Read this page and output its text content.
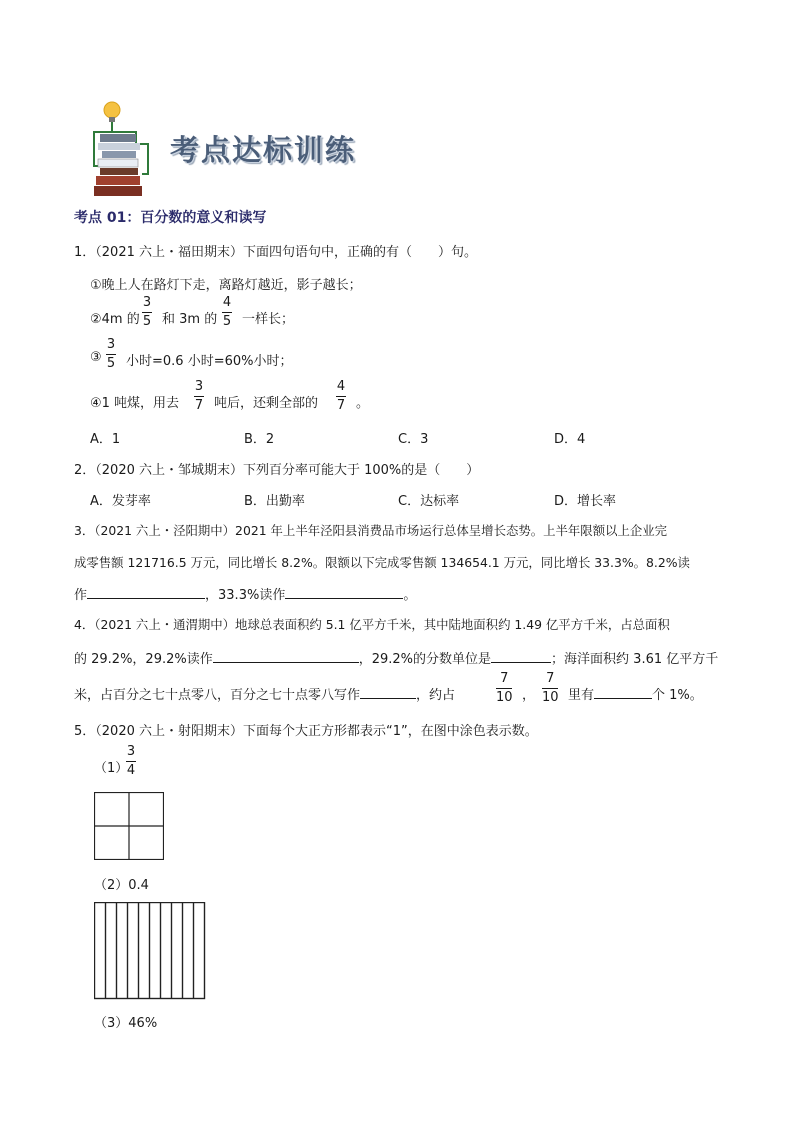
考点达标训练
考点 01：百分数的意义和读写
1．（2021 六上・福田期末）下面四句语句中，正确的有（　　）句。
①晚上人在路灯下走，离路灯越近，影子越长；
②4m 的
3
5 和 3m 的
4
5 一样长；
③
3
5 小时=0.6 小时=60%小时；
④1 吨煤，用去
3
7 吨后，还剩全部的
4
7 。
A．1	B．2	C．3	D．4
2．（2020 六上・邹城期末）下列百分率可能大于 100%的是（　　）
A．发芽率	B．出勤率	C．达标率	D．增长率
3．（2021 六上・泾阳期中）2021 年上半年泾阳县消费品市场运行总体呈增长态势。上半年限额以上企业完
成零售额 121716.5 万元，同比增长 8.2%。限额以下完成零售额 134654.1 万元，同比增长 33.3%。8.2%读
作	，33.3%读作	。
4．（2021 六上・通渭期中）地球总表面积约 5.1 亿平方千米，其中陆地面积约 1.49 亿平方千米，占总面积
的 29.2%，29.2%读作	，29.2%的分数单位是	；海洋面积约 3.61 亿平方千
米，占百分之七十点零八，百分之七十点零八写作	，约占
7
10 ，
7
10 里有	个 1%。
5．（2020 六上・射阳期末）下面每个大正方形都表示“1”，在图中涂色表示数。
（1）
3
4
（2）0.4
（3）46%
